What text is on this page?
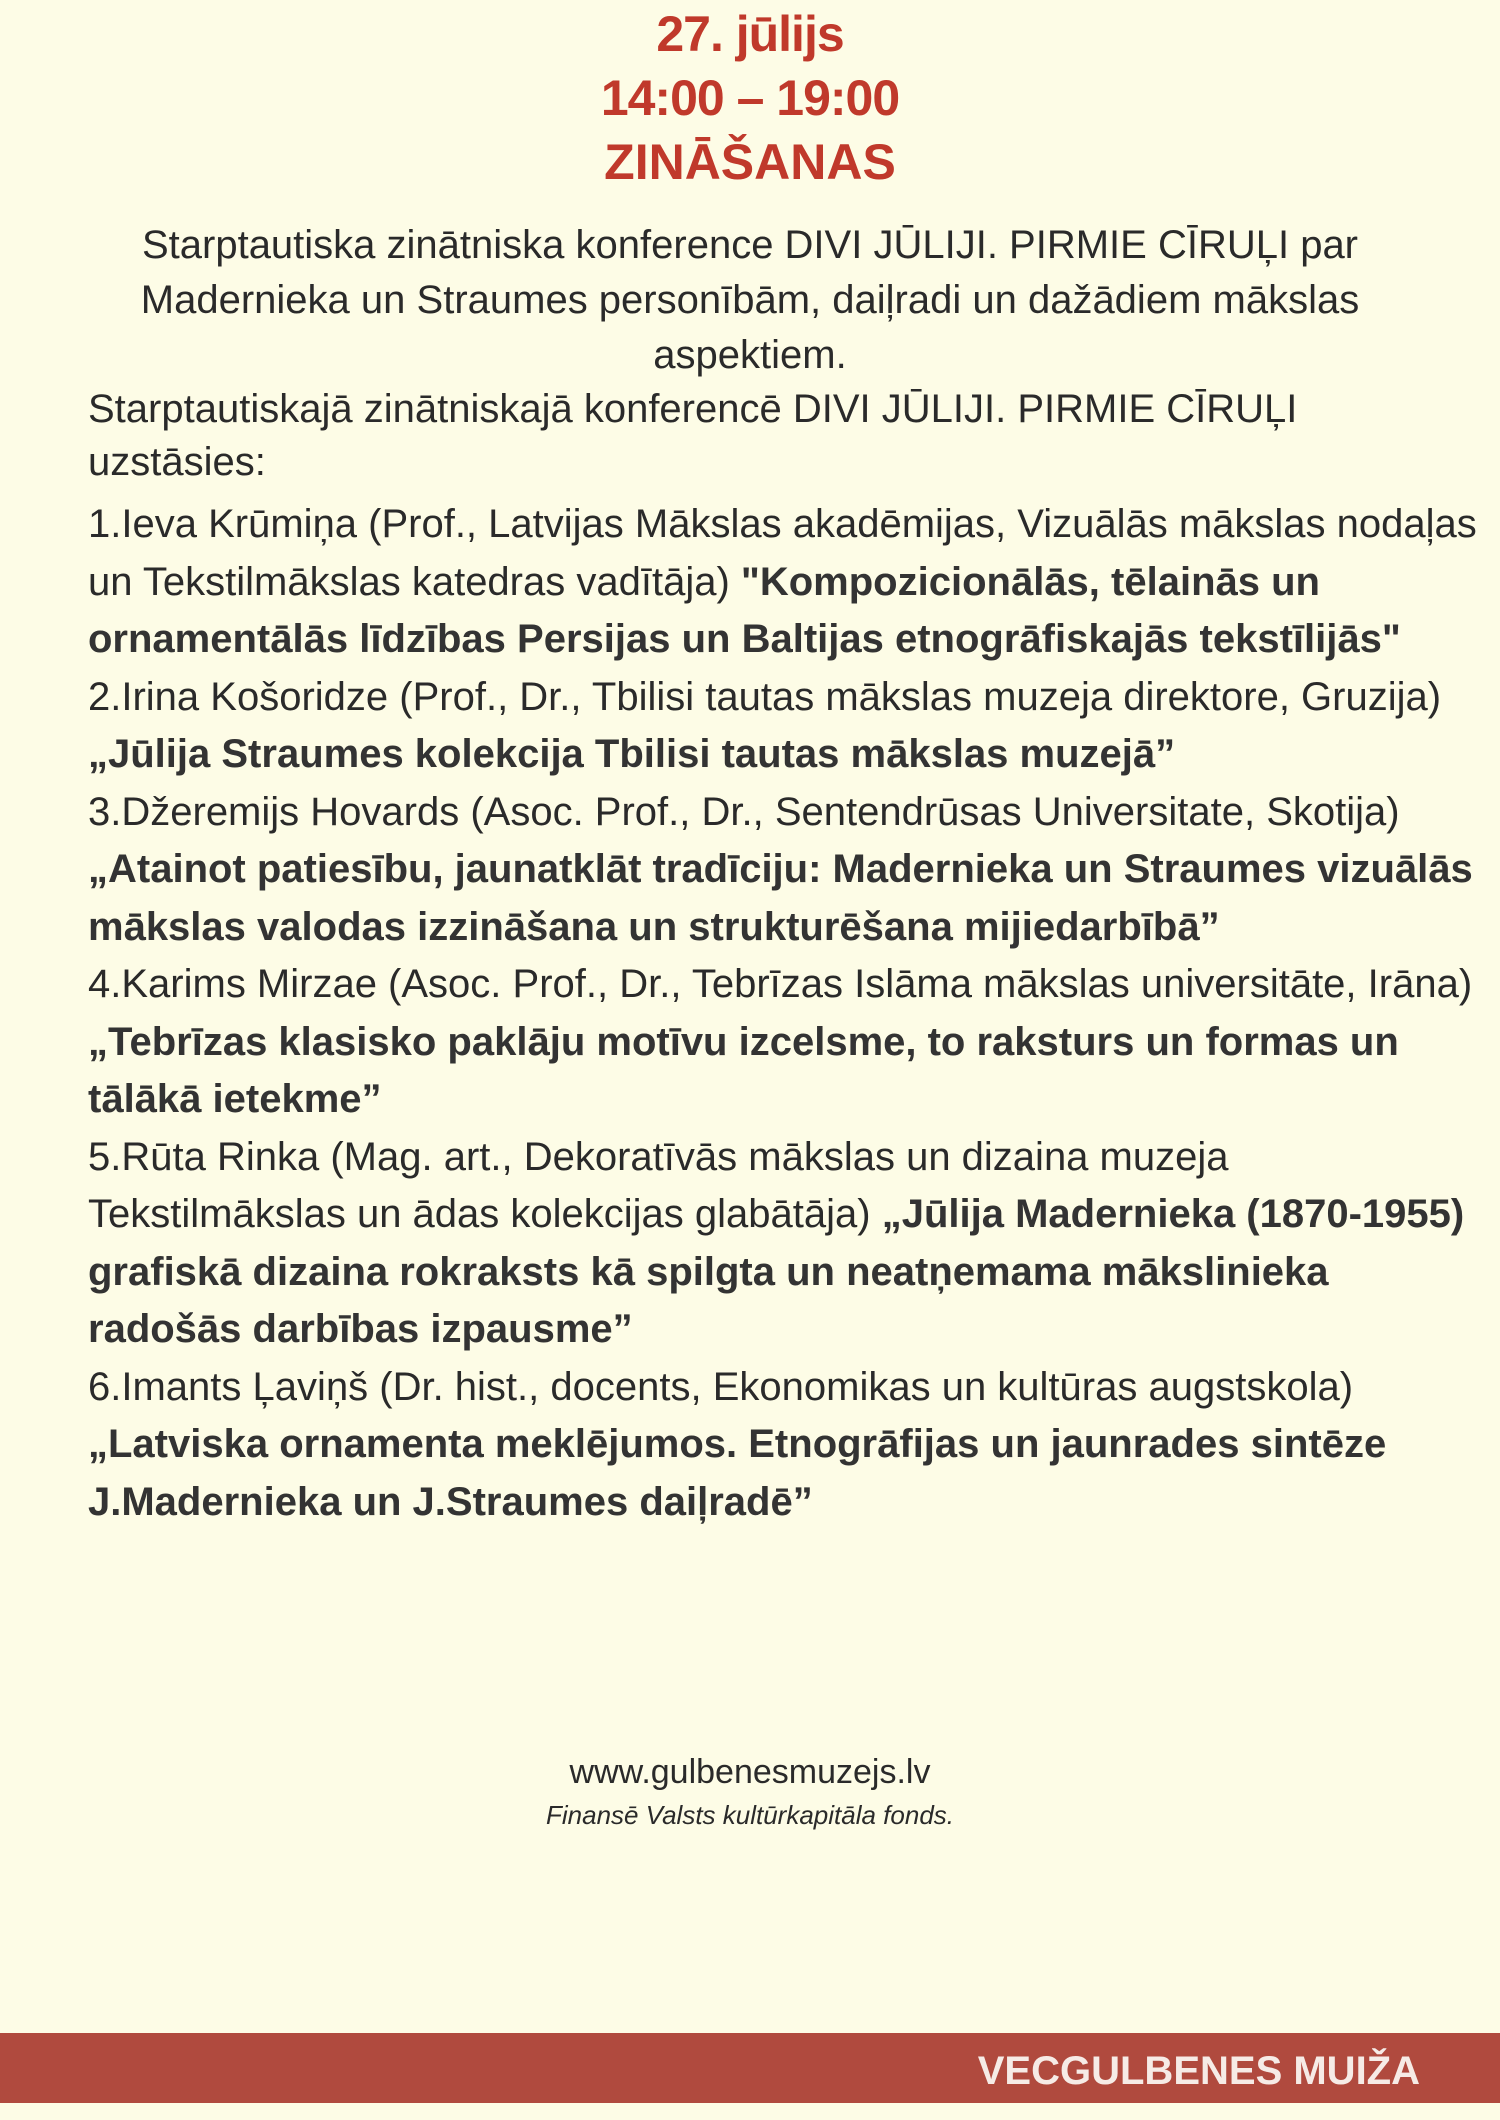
27. jūlijs
14:00 – 19:00
ZINĀŠANAS
Starptautiska zinātniska konference DIVI JŪLIJI. PIRMIE CĪRUĻI par Madernieka un Straumes personībām, daiļradi un dažādiem mākslas aspektiem.
Starptautiskajā zinātniskajā konferencē DIVI JŪLIJI. PIRMIE CĪRUĻI uzstāsies:

1.Ieva Krūmiņa (Prof., Latvijas Mākslas akadēmijas, Vizuālās mākslas nodaļas un Tekstilmākslas katedras vadītāja) "Kompozicionālās, tēlainās un ornamentālās līdzības Persijas un Baltijas etnogrāfiskajās tekstīlijās"

2.Irina Košoridze (Prof., Dr., Tbilisi tautas mākslas muzeja direktore, Gruzija) „Jūlija Straumes kolekcija Tbilisi tautas mākslas muzejā”

3.Džeremijs Hovards (Asoc. Prof., Dr., Sentendrūsas Universitate, Skotija) „Atainot patiesību, jaunatklāt tradīciju: Madernieka un Straumes vizuālās mākslas valodas izzināšana un strukturēšana mijiedarbībā”

4.Karims Mirzae (Asoc. Prof., Dr., Tebrīzas Islāma mākslas universitāte, Irāna) „Tebrīzas klasisko paklāju motīvu izcelsme, to raksturs un formas un tālākā ietekme”

5.Rūta Rinka (Mag. art., Dekoratīvās mākslas un dizaina muzeja Tekstilmākslas un ādas kolekcijas glabātāja) „Jūlija Madernieka (1870-1955) grafiskā dizaina rokraksts kā spilgta un neatņemama mākslinieka radošās darbības izpausme”

6.Imants Ļaviņš (Dr. hist., docents, Ekonomikas un kultūras augstskola) „Latviska ornamenta meklējumos. Etnogrāfijas un jaunrades sintēze J.Madernieka un J.Straumes daiļradē”

www.gulbenesmuzejs.lv
Finansē Valsts kultūrkapitāla fonds.
VECGULBENES MUIŽA
